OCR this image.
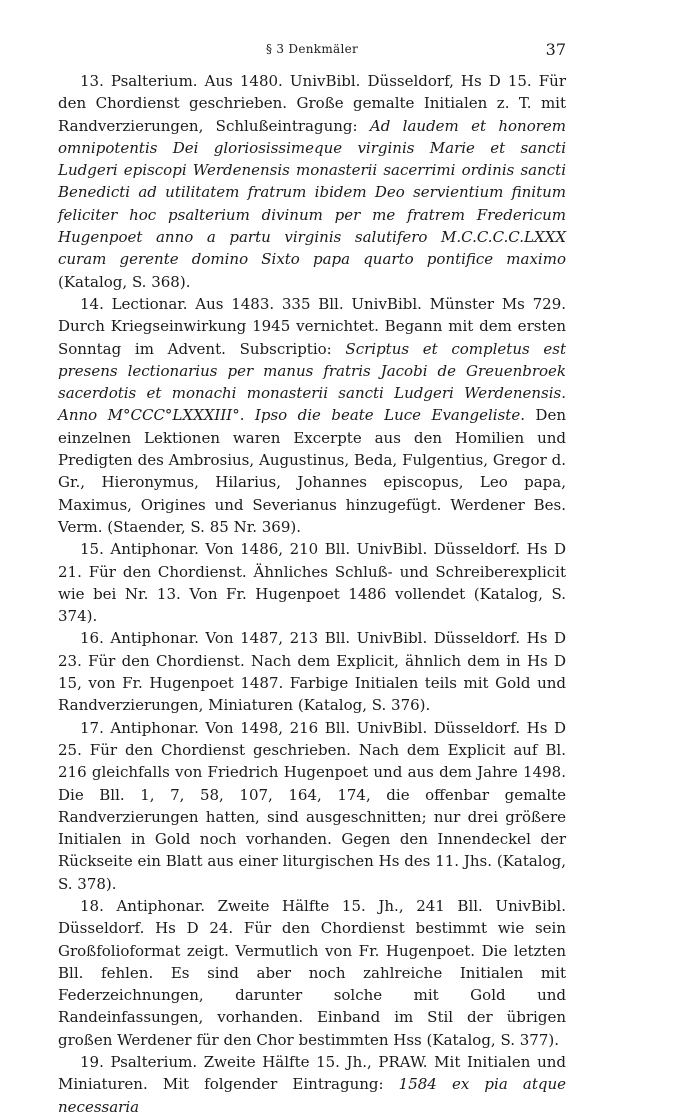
§ 3 Denkmäler	37

13. Psalterium. Aus 1480. UnivBibl. Düsseldorf, Hs D 15. Für den Chordienst geschrieben. Große gemalte Initialen z. T. mit Randverzierungen, Schlußeintragung: Ad laudem et honorem omnipotentis Dei gloriosissimeque virginis Marie et sancti Ludgeri episcopi Werdenensis monasterii sacerrimi ordinis sancti Benedicti ad utilitatem fratrum ibidem Deo servientium finitum feliciter hoc psalterium divinum per me fratrem Fredericum Hugenpoet anno a partu virginis salutifero M.C.C.C.C.LXXX curam gerente domino Sixto papa quarto pontifice maximo (Katalog, S. 368).

14. Lectionar. Aus 1483. 335 Bll. UnivBibl. Münster Ms 729. Durch Kriegseinwirkung 1945 vernichtet. Begann mit dem ersten Sonntag im Advent. Subscriptio: Scriptus et completus est presens lectionarius per manus fratris Jacobi de Greuenbroek sacerdotis et monachi monasterii sancti Ludgeri Werdenensis. Anno M°CCC°LXXXIII°. Ipso die beate Luce Evangeliste. Den einzelnen Lektionen waren Excerpte aus den Homilien und Predigten des Ambrosius, Augustinus, Beda, Fulgentius, Gregor d. Gr., Hieronymus, Hilarius, Johannes episcopus, Leo papa, Maximus, Origines und Severianus hinzugefügt. Werdener Bes. Verm. (Staender, S. 85 Nr. 369).

15. Antiphonar. Von 1486, 210 Bll. UnivBibl. Düsseldorf. Hs D 21. Für den Chordienst. Ähnliches Schluß- und Schreiberexplicit wie bei Nr. 13. Von Fr. Hugenpoet 1486 vollendet (Katalog, S. 374).

16. Antiphonar. Von 1487, 213 Bll. UnivBibl. Düsseldorf. Hs D 23. Für den Chordienst. Nach dem Explicit, ähnlich dem in Hs D 15, von Fr. Hugenpoet 1487. Farbige Initialen teils mit Gold und Randverzierungen, Miniaturen (Katalog, S. 376).

17. Antiphonar. Von 1498, 216 Bll. UnivBibl. Düsseldorf. Hs D 25. Für den Chordienst geschrieben. Nach dem Explicit auf Bl. 216 gleichfalls von Friedrich Hugenpoet und aus dem Jahre 1498. Die Bll. 1, 7, 58, 107, 164, 174, die offenbar gemalte Randverzierungen hatten, sind ausgeschnitten; nur drei größere Initialen in Gold noch vorhanden. Gegen den Innendeckel der Rückseite ein Blatt aus einer liturgischen Hs des 11. Jhs. (Katalog, S. 378).

18. Antiphonar. Zweite Hälfte 15. Jh., 241 Bll. UnivBibl. Düsseldorf. Hs D 24. Für den Chordienst bestimmt wie sein Großfolioformat zeigt. Vermutlich von Fr. Hugenpoet. Die letzten Bll. fehlen. Es sind aber noch zahlreiche Initialen mit Federzeichnungen, darunter solche mit Gold und Randeinfassungen, vorhanden. Einband im Stil der übrigen großen Werdener für den Chor bestimmten Hss (Katalog, S. 377).

19. Psalterium. Zweite Hälfte 15. Jh., PRAW. Mit Initialen und Miniaturen. Mit folgender Eintragung: 1584 ex pia atque necessaria
